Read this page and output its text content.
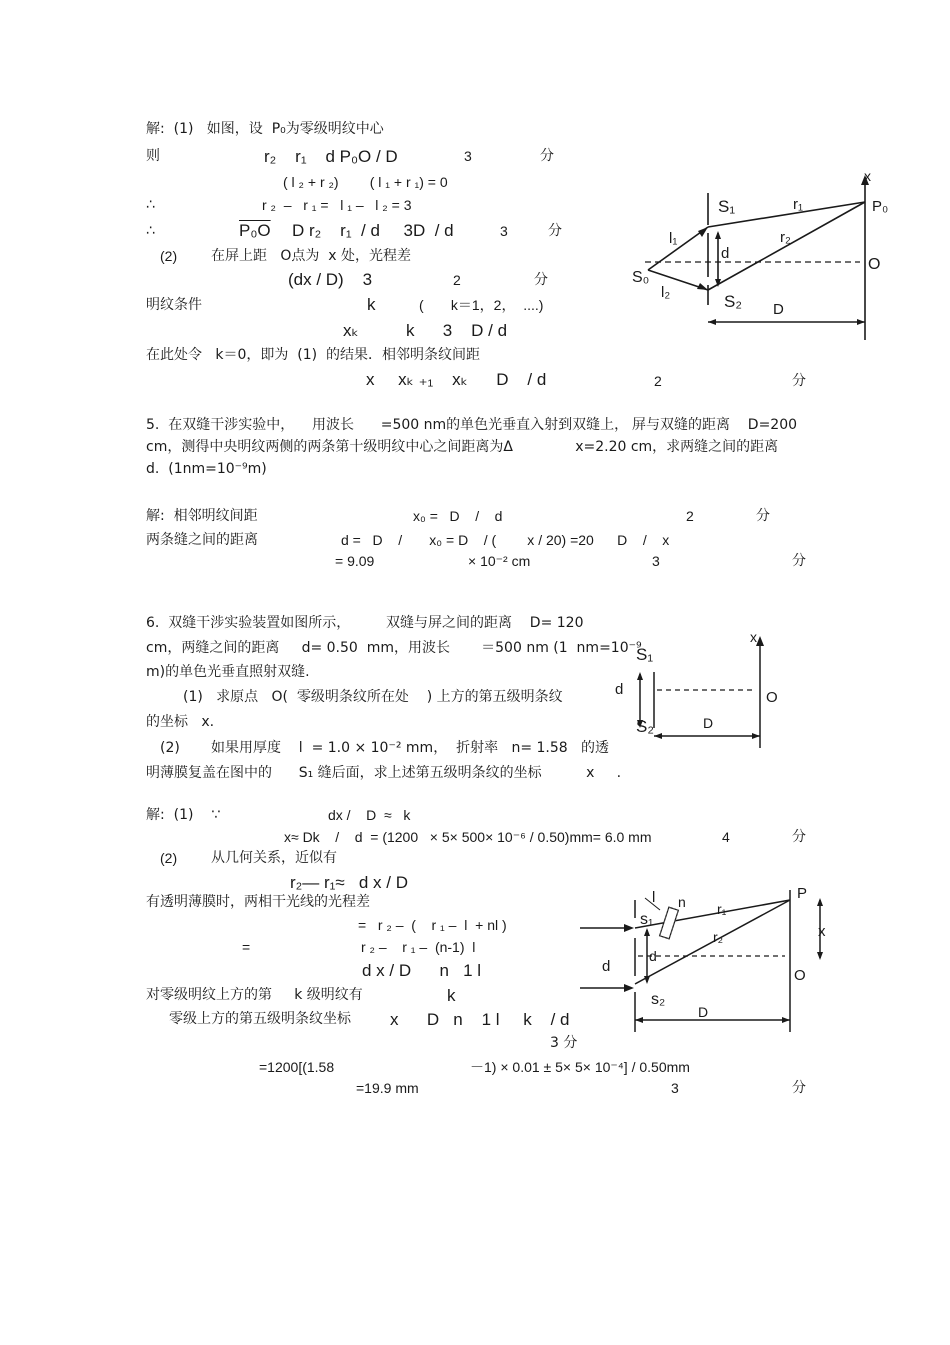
解:  (1)   如图，设  P₀为零级明纹中心
则	r₂    r₁    d P₀O / D	3	分
( l ₂ + r ₂)        ( l ₁ + r ₁) = 0
∴	r ₂  –   r ₁ =   l ₁ –   l ₂ = 3
∴	P₀O D r₂    r₁  / d     3D  / d	3	分
(2) 在屏上距   O点为  x 处，光程差
(dx / D)    3	2	分
明纹条件	k	(       k＝1，2，  ....)
xₖ          k      3    D / d
在此处令   k＝0，即为  (1)  的结果．相邻明条纹间距
x     xₖ ₊₁    xₖ      D    / d	2	分
x
S₁	r₁	P₀
l₁	r₂
d
O
S₀
l₂	S₂ D
5.  在双缝干涉实验中，    用波长      =500 nm的单色光垂直入射到双缝上， 屏与双缝的距离    D=200
cm，测得中央明纹两侧的两条第十级明纹中心之间距离为Δ              x=2.20 cm，求两缝之间的距离
d.  (1nm=10⁻⁹m)
解:  相邻明纹间距	x₀ =   D    /    d	2	分
两条缝之间的距离	d =   D    /       x₀ = D    / (        x / 20) =20      D    /    x
= 9.09	× 10⁻² cm	3	分
6.  双缝干涉实验装置如图所示，	双缝与屏之间的距离    D= 120
cm，两缝之间的距离     d= 0.50  mm，用波长       ＝500 nm (1  nm=10⁻⁹
m)的单色光垂直照射双缝.
(1)   求原点   O(  零级明条纹所在处    ) 上方的第五级明条纹
的坐标   x.
(2)       如果用厚度    l  = 1.0 × 10⁻² mm，  折射率   n= 1.58   的透
明薄膜复盖在图中的      S₁ 缝后面，求上述第五级明条纹的坐标          x     .
x
S₁
d	O
S₂	D
解:  (1)    ∵	dx /    D  ≈   k
x≈ Dk    /    d  = (1200   × 5× 500× 10⁻⁶ / 0.50)mm= 6.0 mm	4	分
(2) 从几何关系，近似有
r₂— r₁≈   d x / D
有透明薄膜时，两相干光线的光程差
=   r ₂ –  (    r ₁ –  l  + nl )
=	r ₂ –    r ₁ –  (n-1)  l
d x / D      n   1 l
对零级明纹上方的第     k 级明纹有	k
零级上方的第五级明条纹坐标 x      D   n    1 l     k    / d
3 分
=1200[(1.58	－1) × 0.01 ± 5× 5× 10⁻⁴] / 0.50mm
=19.9 mm	3	分
l n	P
s₁
r₁
r₂	x
d
d
O
s₂
D
